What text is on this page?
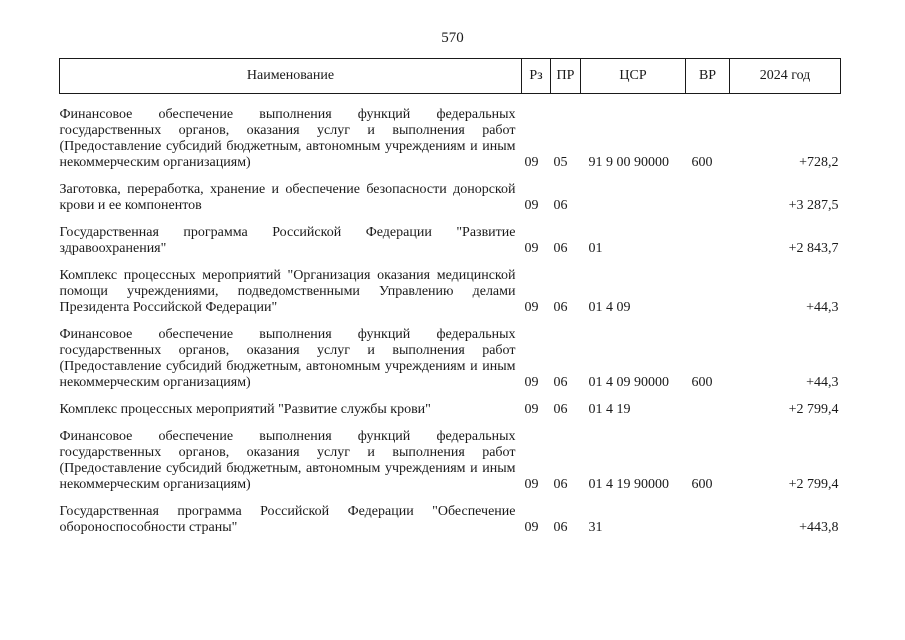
570
Наименование	Рз	ПР	ЦСР	ВР	2024 год
Финансовое обеспечение выполнения функций федеральных государственных органов, оказания услуг и выполнения работ (Предоставление субсидий бюджетным, автономным учреждениям и иным некоммерческим организациям)	09	05	91 9 00 90000	600	+728,2
Заготовка, переработка, хранение и обеспечение безопасности донорской крови и ее компонентов	09	06			+3 287,5
Государственная программа Российской Федерации "Развитие здравоохранения"	09	06	01		+2 843,7
Комплекс процессных мероприятий "Организация оказания медицинской помощи учреждениями, подведомственными Управлению делами Президента Российской Федерации"	09	06	01 4 09		+44,3
Финансовое обеспечение выполнения функций федеральных государственных органов, оказания услуг и выполнения работ (Предоставление субсидий бюджетным, автономным учреждениям и иным некоммерческим организациям)	09	06	01 4 09 90000	600	+44,3
Комплекс процессных мероприятий "Развитие службы крови"	09	06	01 4 19		+2 799,4
Финансовое обеспечение выполнения функций федеральных государственных органов, оказания услуг и выполнения работ (Предоставление субсидий бюджетным, автономным учреждениям и иным некоммерческим организациям)	09	06	01 4 19 90000	600	+2 799,4
Государственная программа Российской Федерации "Обеспечение обороноспособности страны"	09	06	31		+443,8
